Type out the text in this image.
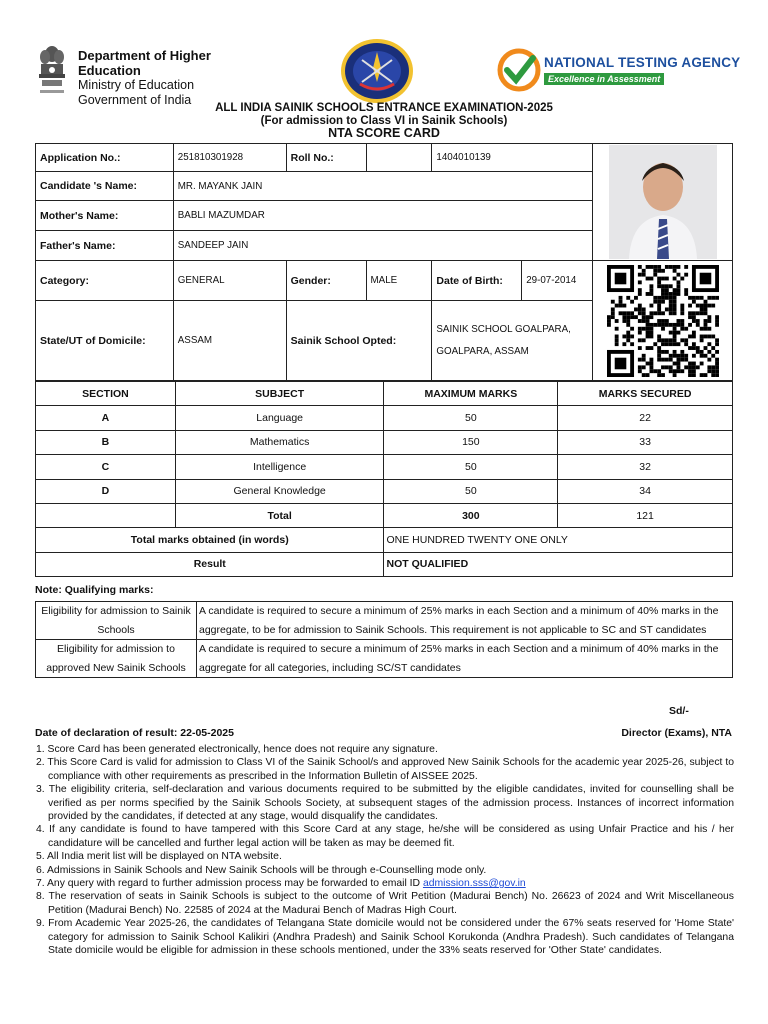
Department of Higher Education
Ministry of Education
Government of India
NATIONAL TESTING AGENCY
Excellence in Assessment
ALL INDIA SAINIK SCHOOLS ENTRANCE EXAMINATION-2025
(For admission to Class VI in Sainik Schools)
NTA SCORE CARD
Application No.:	251810301928	Roll No.:		1404010139	

Candidate 's Name:	MR. MAYANK JAIN					
Mother's Name:	BABLI MAZUMDAR					
Father's Name:	SANDEEP JAIN					
Category:	GENERAL	Gender:	MALE	Date of Birth:	29-07-2014	

State/UT of Domicile:	ASSAM	Sainik School Opted:		SAINIK SCHOOL GOALPARA,
GOALPARA, ASSAM		
SECTION	SUBJECT	MAXIMUM MARKS	MARKS SECURED
A	Language	50	22
B	Mathematics	150	33
C	Intelligence	50	32
D	General Knowledge	50	34
	Total	300	121
Total marks obtained (in words)		ONE HUNDRED TWENTY ONE ONLY	
Result		NOT QUALIFIED	
Note: Qualifying marks:
Eligibility for admission to Sainik Schools	A candidate is required to secure a minimum of 25% marks in each Section and a minimum of 40% marks in the aggregate, to be for admission to Sainik Schools. This requirement is not applicable to SC and ST candidates
Eligibility for admission to approved New Sainik Schools	A candidate is required to secure a minimum of 25% marks in each Section and a minimum of 40% marks in the aggregate for all categories, including SC/ST candidates
Sd/-
Date of declaration of result: 22-05-2025	Director (Exams), NTA
1. Score Card has been generated electronically, hence does not require any signature.
2. This Score Card is valid for admission to Class VI of the Sainik School/s and approved New Sainik Schools for the academic year 2025-26, subject to compliance with other requirements as prescribed in the Information Bulletin of AISSEE 2025.
3. The eligibility criteria, self-declaration and various documents required to be submitted by the eligible candidates, invited for counselling shall be verified as per norms specified by the Sainik Schools Society, at subsequent stages of the admission process. Instances of incorrect information provided by the candidates, if detected at any stage, would disqualify the candidates.
4. If any candidate is found to have tampered with this Score Card at any stage, he/she will be considered as using Unfair Practice and his / her candidature will be cancelled and further legal action will be taken as may be deemed fit.
5. All India merit list will be displayed on NTA website.
6. Admissions in Sainik Schools and New Sainik Schools will be through e-Counselling mode only.
7. Any query with regard to further admission process may be forwarded to email ID admission.sss@gov.in
8. The reservation of seats in Sainik Schools is subject to the outcome of Writ Petition (Madurai Bench) No. 26623 of 2024 and Writ Miscellaneous Petition (Madurai Bench) No. 22585 of 2024 at the Madurai Bench of Madras High Court.
9. From Academic Year 2025-26, the candidates of Telangana State domicile would not be considered under the 67% seats reserved for 'Home State' category for admission to Sainik School Kalikiri (Andhra Pradesh) and Sainik School Korukonda (Andhra Pradesh). Such candidates of Telangana State domicile would be eligible for admission in these schools mentioned, under the 33% seats reserved for 'Other State' candidates.
